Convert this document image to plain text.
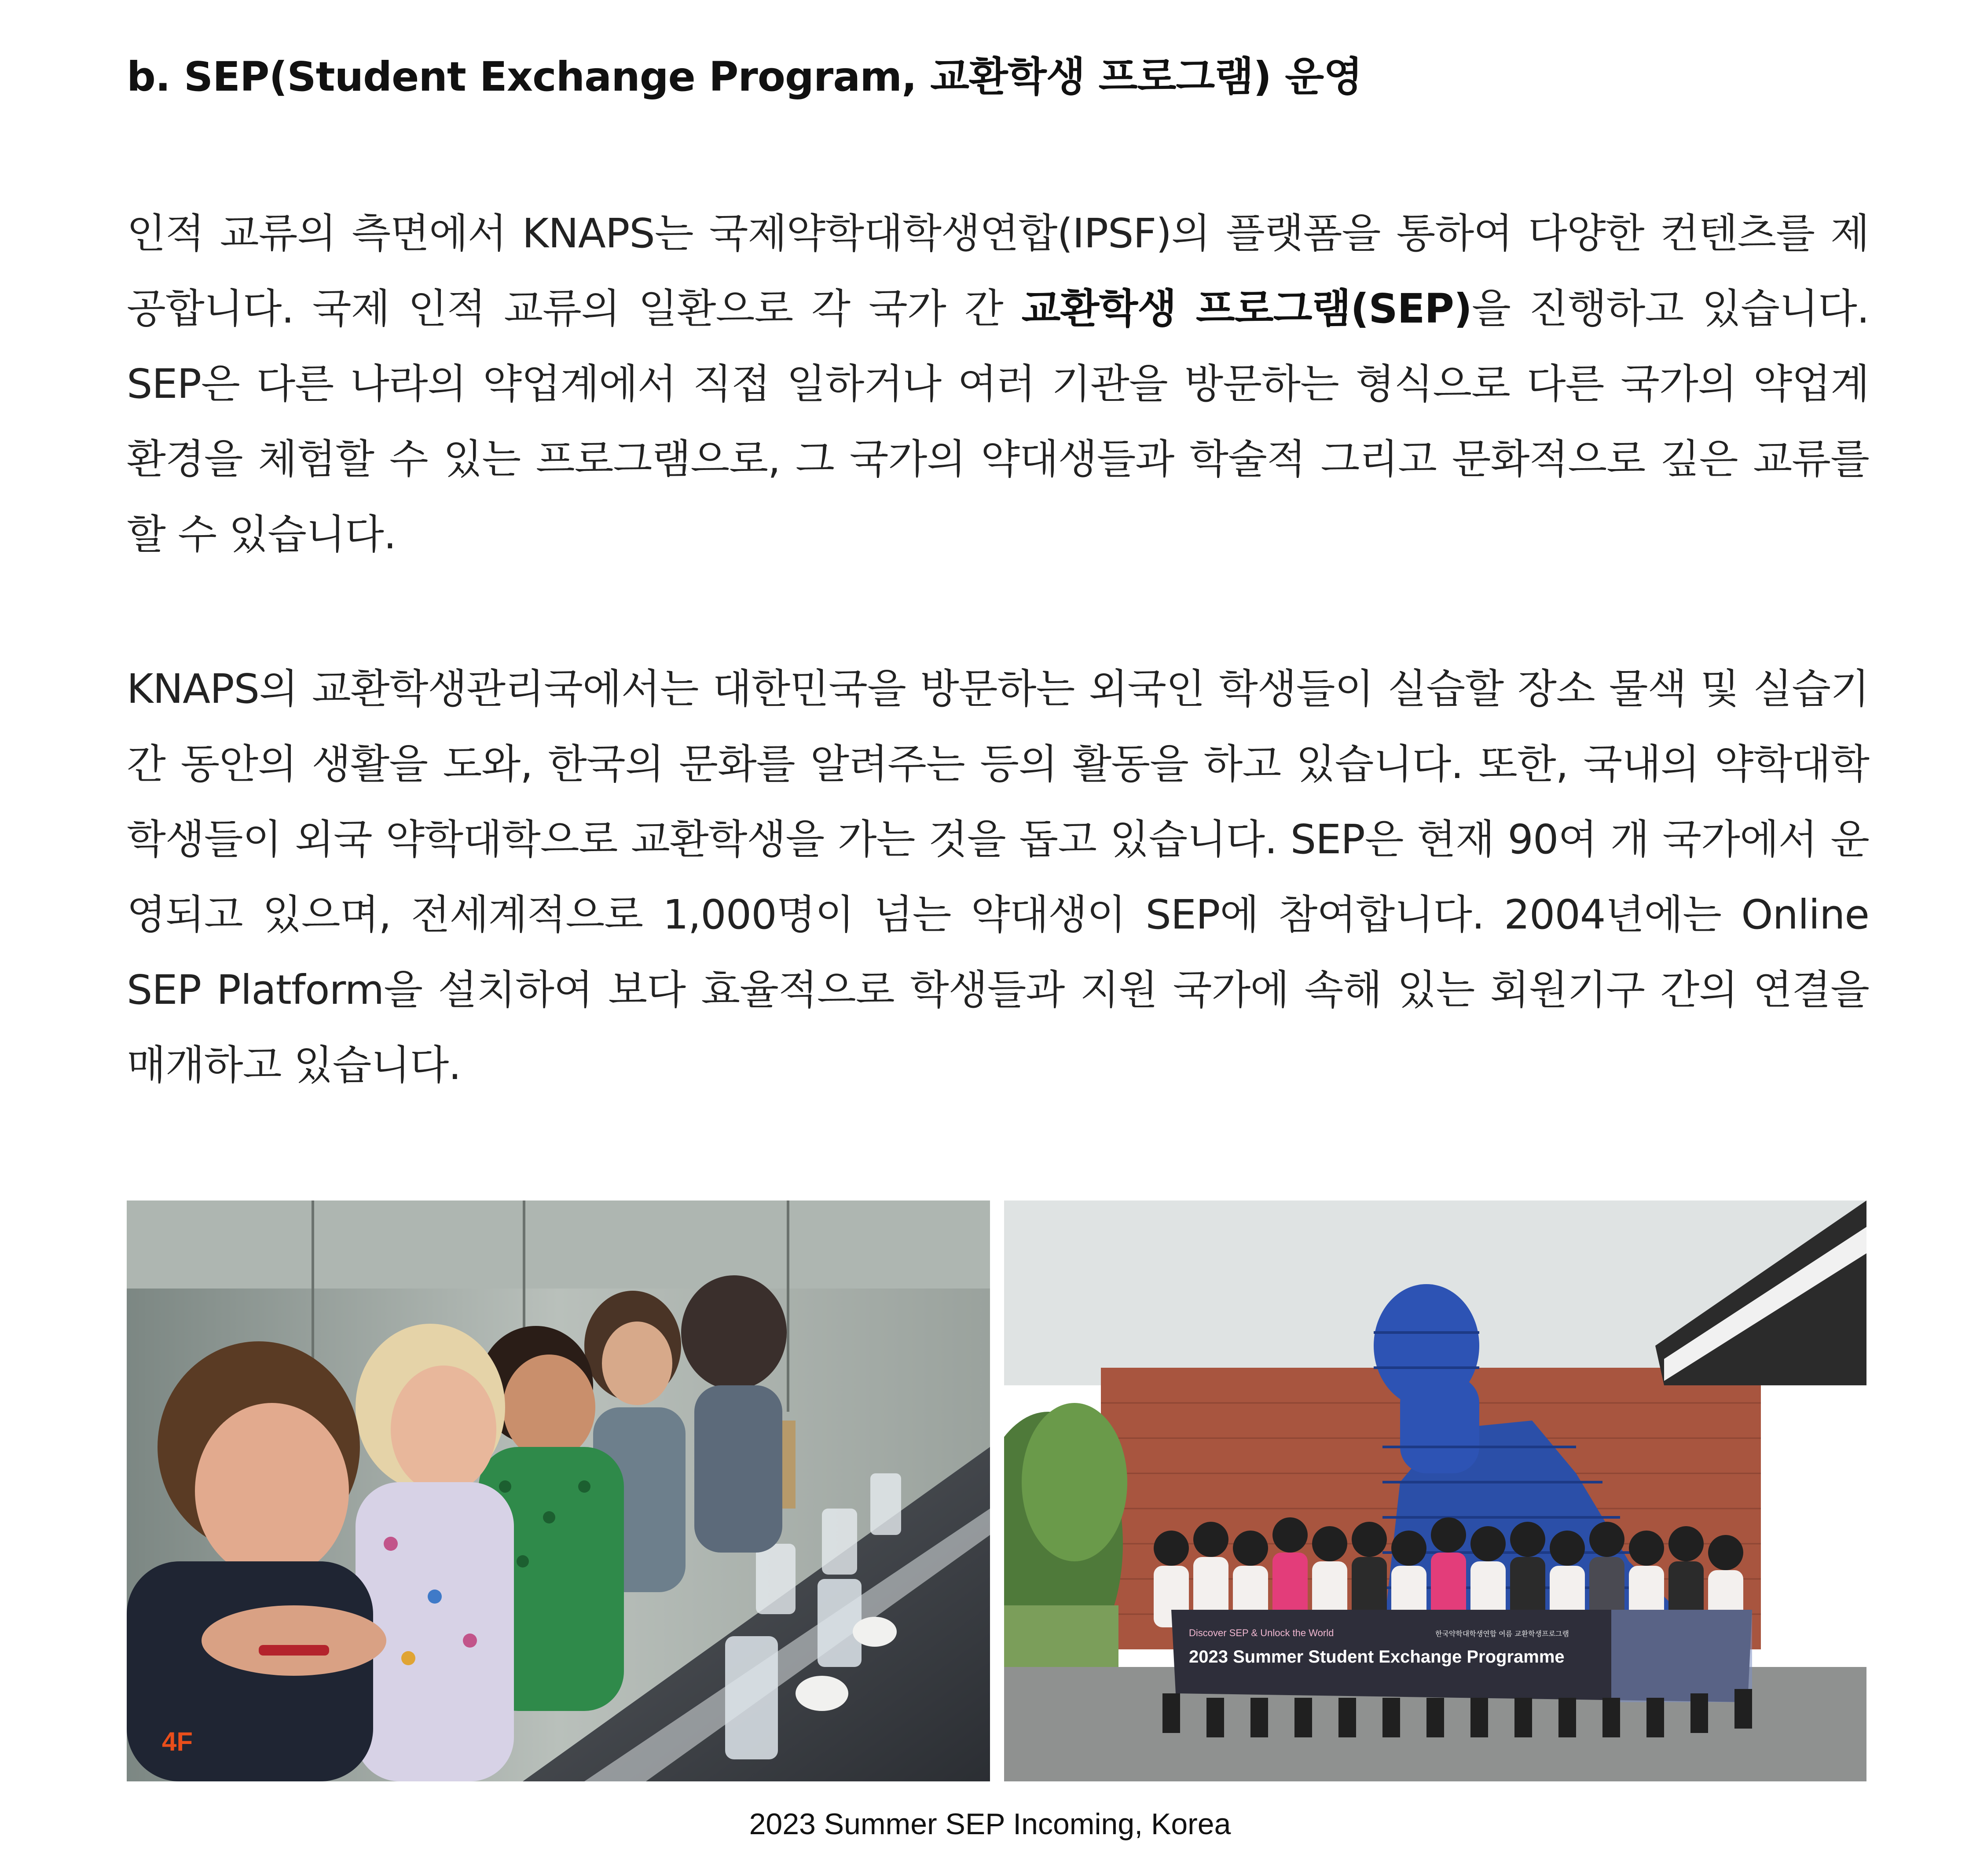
b. SEP(Student Exchange Program, 교환학생 프로그램) 운영
인적 교류의 측면에서 KNAPS는 국제약학대학생연합(IPSF)의 플랫폼을 통하여 다양한 컨텐츠를 제공합니다. 국제 인적 교류의 일환으로 각 국가 간 교환학생 프로그램(SEP)을 진행하고 있습니다. SEP은 다른 나라의 약업계에서 직접 일하거나 여러 기관을 방문하는 형식으로 다른 국가의 약업계 환경을 체험할 수 있는 프로그램으로, 그 국가의 약대생들과 학술적 그리고 문화적으로 깊은 교류를 할 수 있습니다.
KNAPS의 교환학생관리국에서는 대한민국을 방문하는 외국인 학생들이 실습할 장소 물색 및 실습기간 동안의 생활을 도와, 한국의 문화를 알려주는 등의 활동을 하고 있습니다. 또한, 국내의 약학대학 학생들이 외국 약학대학으로 교환학생을 가는 것을 돕고 있습니다. SEP은 현재 90여 개 국가에서 운영되고 있으며, 전세계적으로 1,000명이 넘는 약대생이 SEP에 참여합니다. 2004년에는 Online SEP Platform을 설치하여 보다 효율적으로 학생들과 지원 국가에 속해 있는 회원기구 간의 연결을 매개하고 있습니다.
4F
Discover SEP & Unlock the World	한국약학대학생연합 여름 교환학생프로그램
2023 Summer Student Exchange Programme
2023 Summer SEP Incoming, Korea
